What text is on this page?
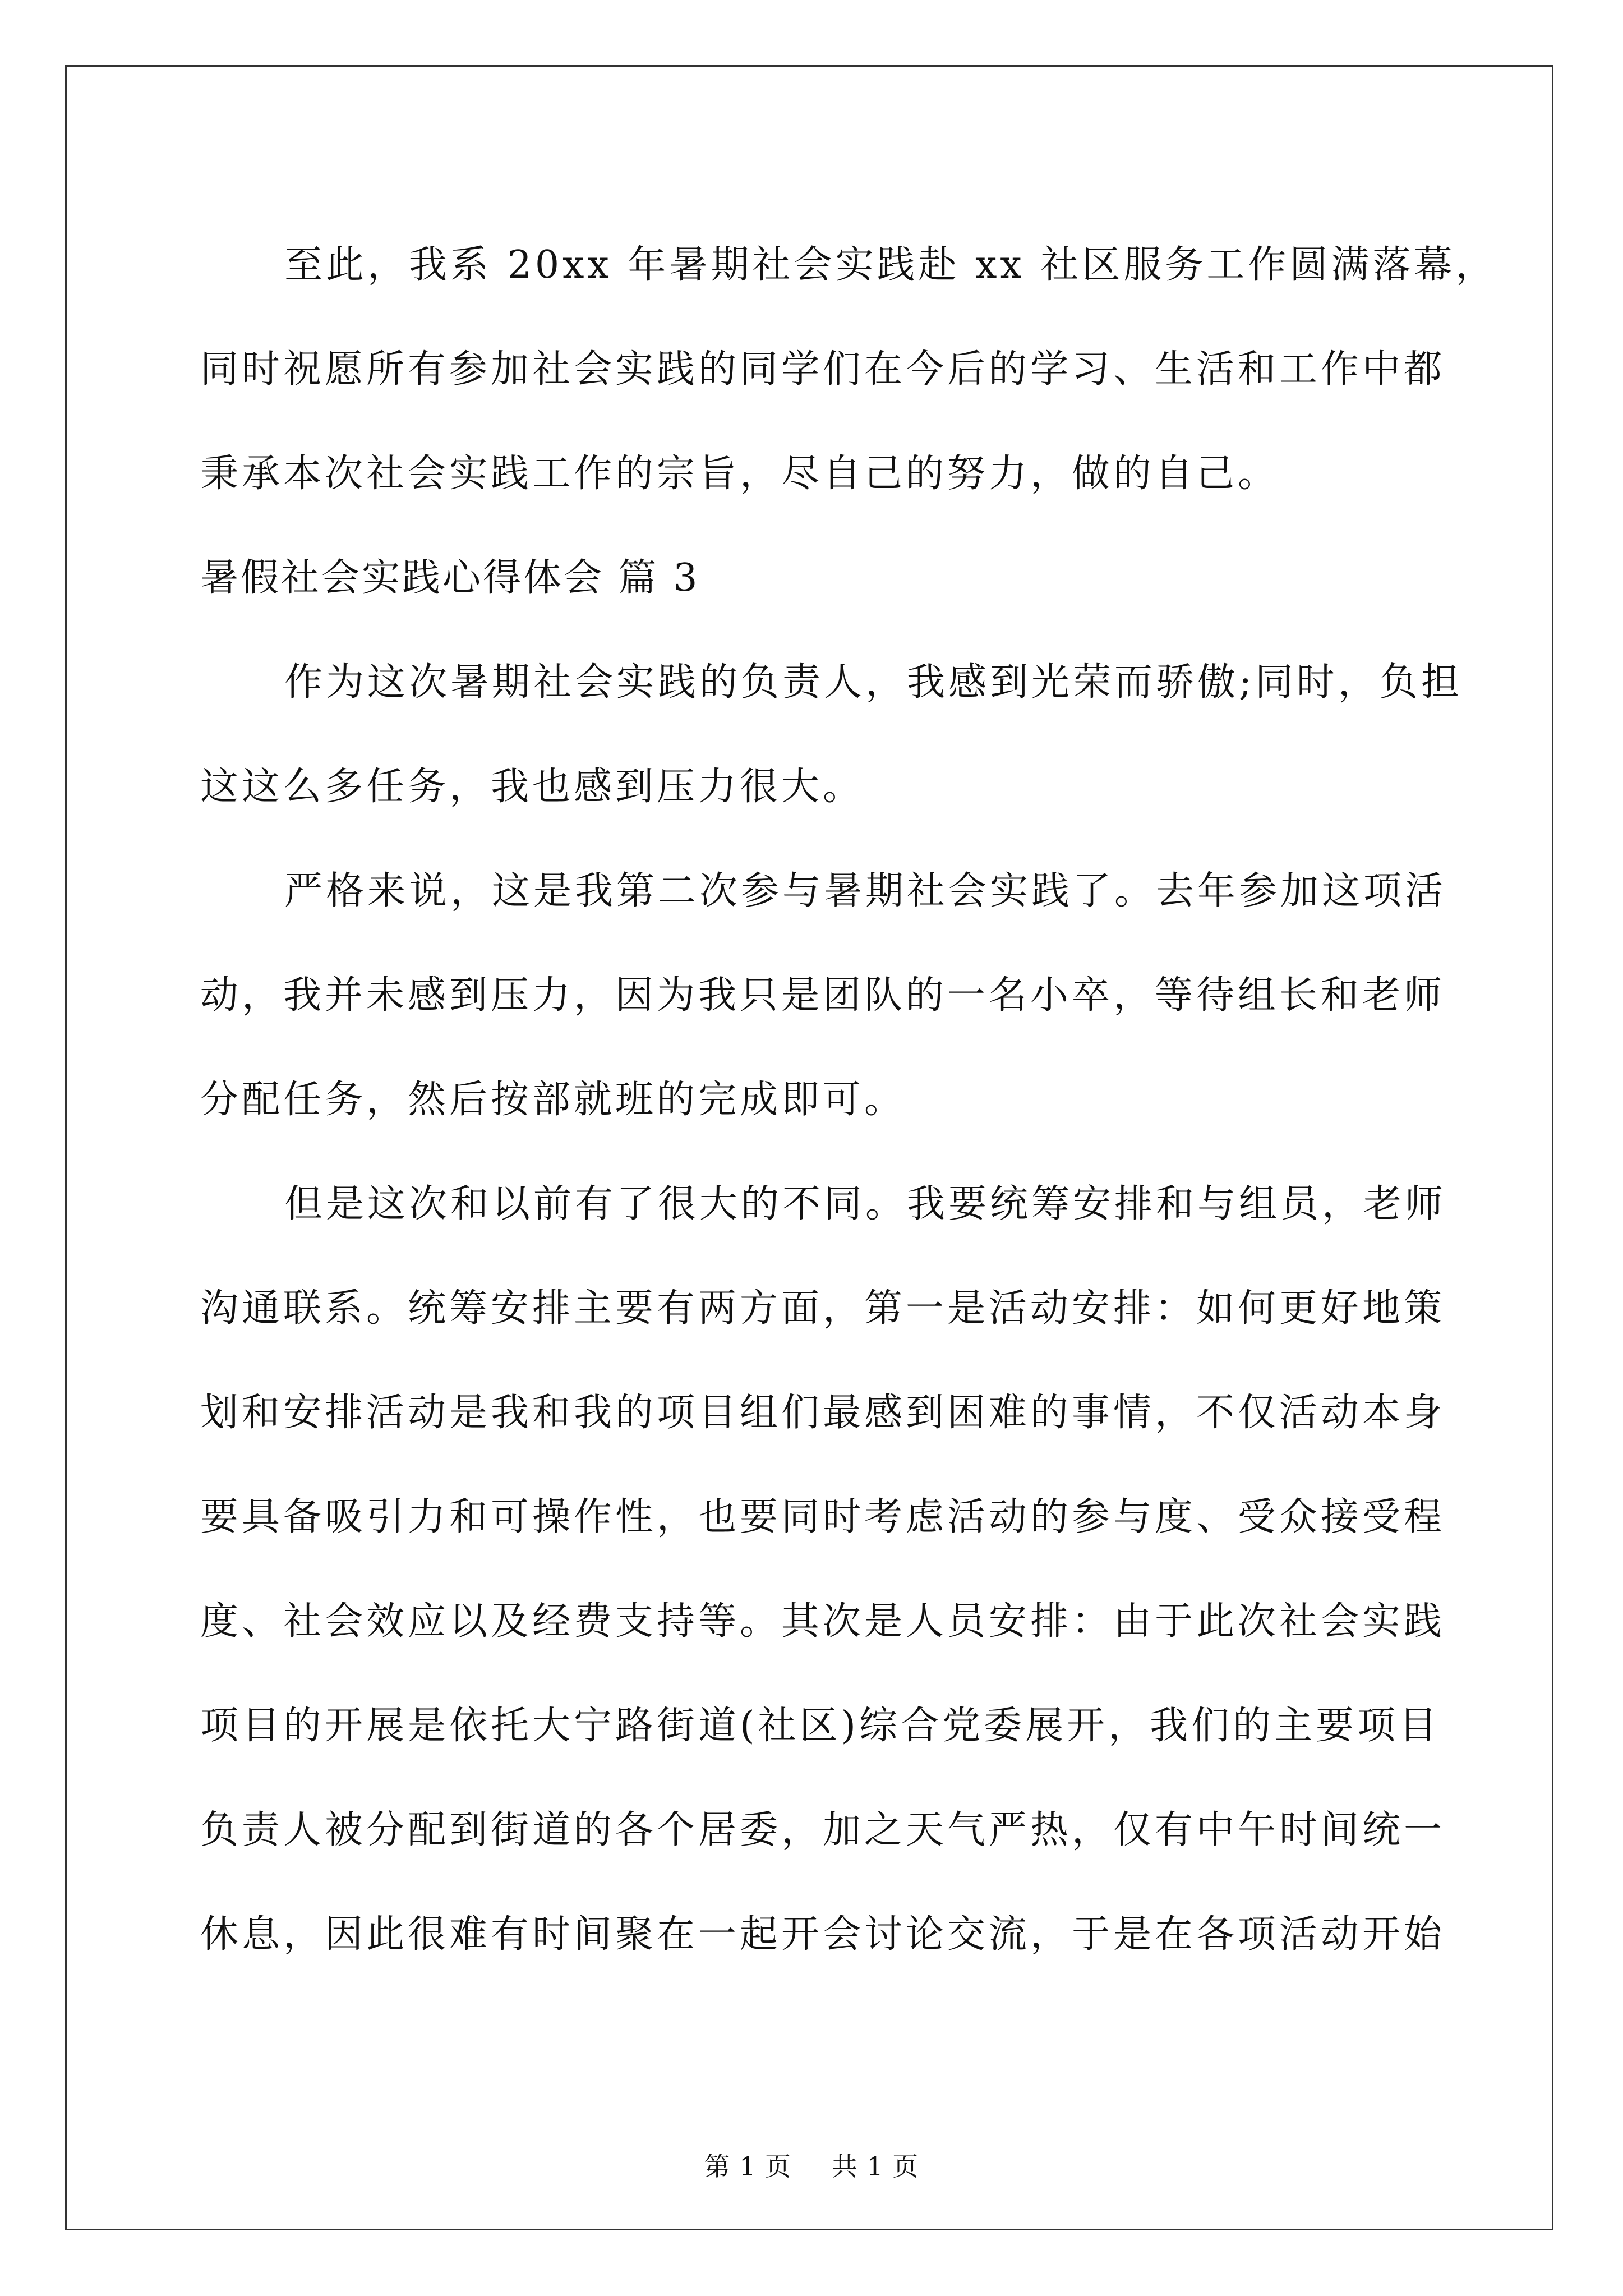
至此，我系 20xx 年暑期社会实践赴 xx 社区服务工作圆满落幕，
同时祝愿所有参加社会实践的同学们在今后的学习、生活和工作中都
秉承本次社会实践工作的宗旨，尽自己的努力，做的自己。
暑假社会实践心得体会 篇 3
作为这次暑期社会实践的负责人，我感到光荣而骄傲;同时，负担
这这么多任务，我也感到压力很大。
严格来说，这是我第二次参与暑期社会实践了。去年参加这项活
动，我并未感到压力，因为我只是团队的一名小卒，等待组长和老师
分配任务，然后按部就班的完成即可。
但是这次和以前有了很大的不同。我要统筹安排和与组员，老师
沟通联系。统筹安排主要有两方面，第一是活动安排：如何更好地策
划和安排活动是我和我的项目组们最感到困难的事情，不仅活动本身
要具备吸引力和可操作性，也要同时考虑活动的参与度、受众接受程
度、社会效应以及经费支持等。其次是人员安排：由于此次社会实践
项目的开展是依托大宁路街道(社区)综合党委展开，我们的主要项目
负责人被分配到街道的各个居委，加之天气严热，仅有中午时间统一
休息，因此很难有时间聚在一起开会讨论交流，于是在各项活动开始
第 1 页 共 1 页
